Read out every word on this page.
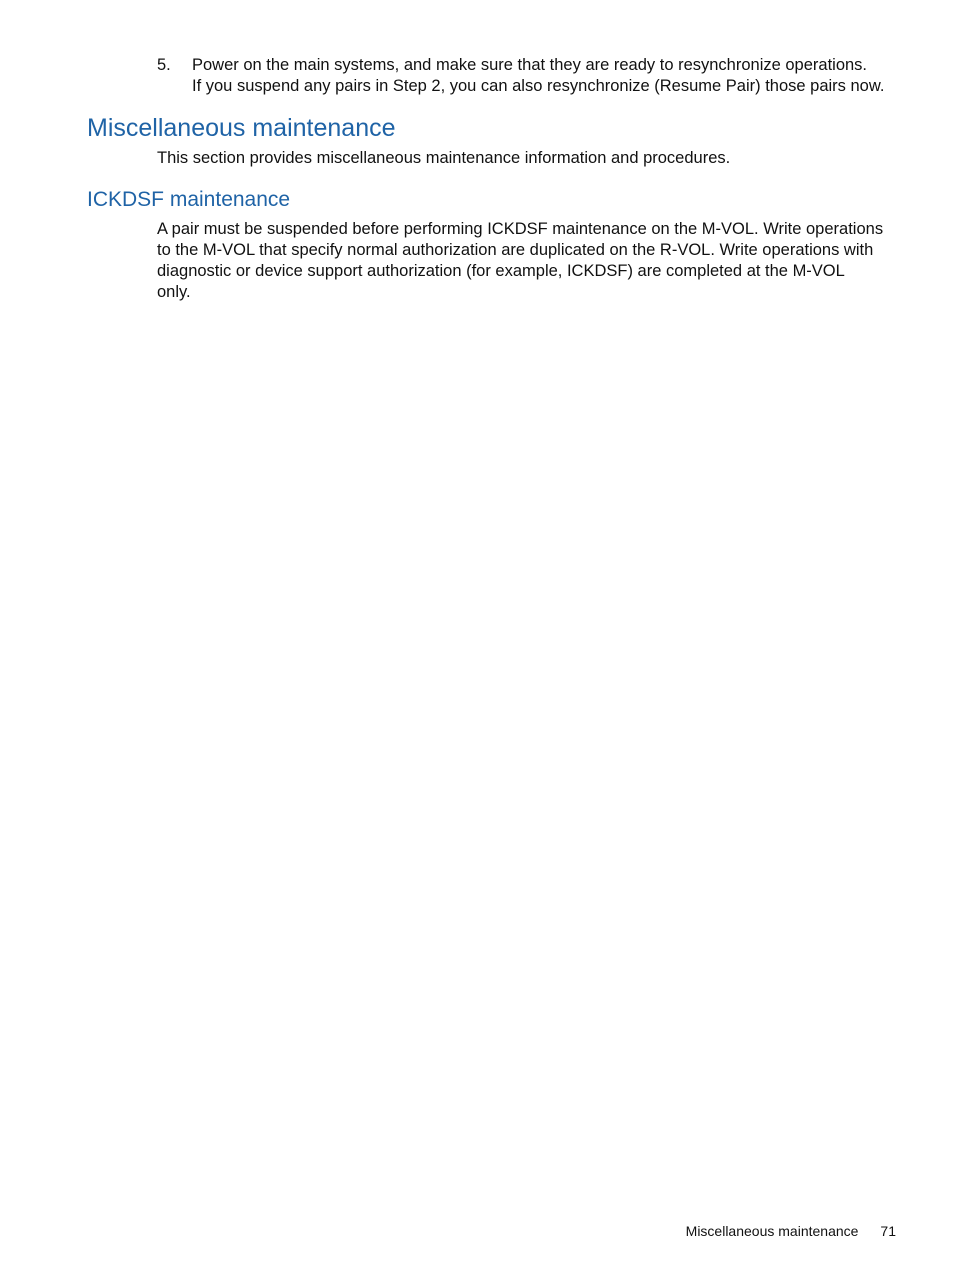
5. Power on the main systems, and make sure that they are ready to resynchronize operations.
If you suspend any pairs in Step 2, you can also resynchronize (Resume Pair) those pairs now.
Miscellaneous maintenance

This section provides miscellaneous maintenance information and procedures.

ICKDSF maintenance

A pair must be suspended before performing ICKDSF maintenance on the M-VOL. Write operations
to the M-VOL that specify normal authorization are duplicated on the R-VOL. Write operations with
diagnostic or device support authorization (for example, ICKDSF) are completed at the M-VOL
only.

Miscellaneous maintenance 71
